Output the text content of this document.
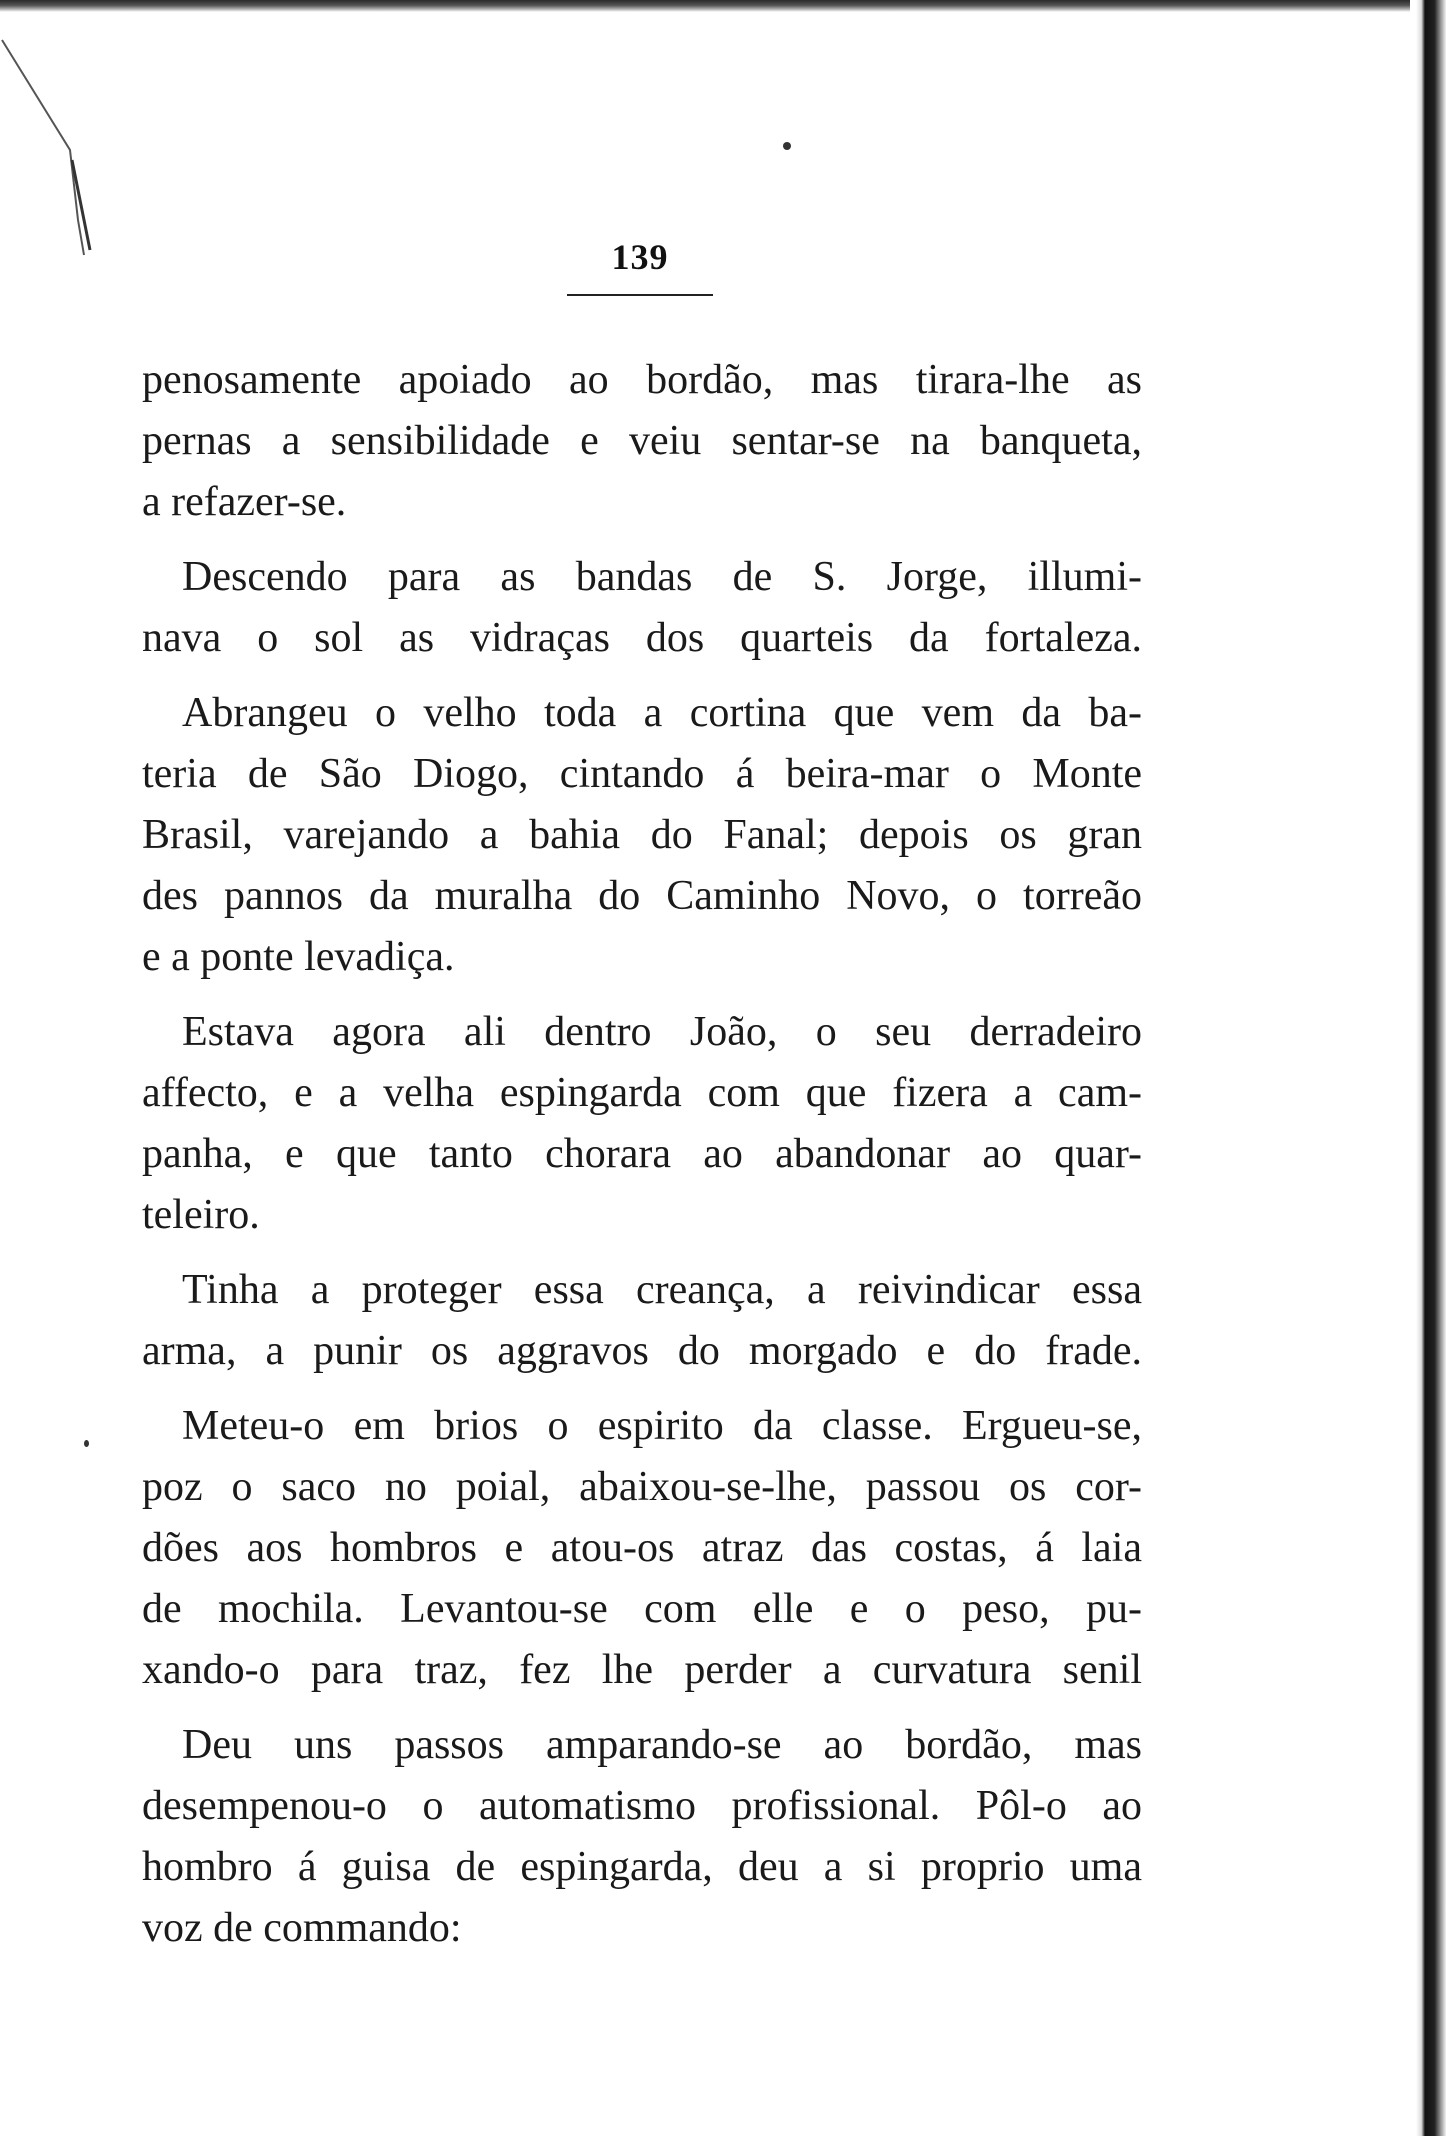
139
penosamente apoiado ao bordão, mas tirara-lhe as
pernas a sensibilidade e veiu sentar-se na banqueta,
a refazer-se.
Descendo para as bandas de S. Jorge, illumi-
nava o sol as vidraças dos quarteis da fortaleza.
Abrangeu o velho toda a cortina que vem da ba-
teria de São Diogo, cintando á beira-mar o Monte
Brasil, varejando a bahia do Fanal; depois os gran
des pannos da muralha do Caminho Novo, o torreão
e a ponte levadiça.
Estava agora ali dentro João, o seu derradeiro
affecto, e a velha espingarda com que fizera a cam-
panha, e que tanto chorara ao abandonar ao quar-
teleiro.
Tinha a proteger essa creança, a reivindicar essa
arma, a punir os aggravos do morgado e do frade.
Meteu-o em brios o espirito da classe. Ergueu-se,
poz o saco no poial, abaixou-se-lhe, passou os cor-
dões aos hombros e atou-os atraz das costas, á laia
de mochila. Levantou-se com elle e o peso, pu-
xando-o para traz, fez lhe perder a curvatura senil
Deu uns passos amparando-se ao bordão, mas
desempenou-o o automatismo profissional. Pôl-o ao
hombro á guisa de espingarda, deu a si proprio uma
voz de commando:
